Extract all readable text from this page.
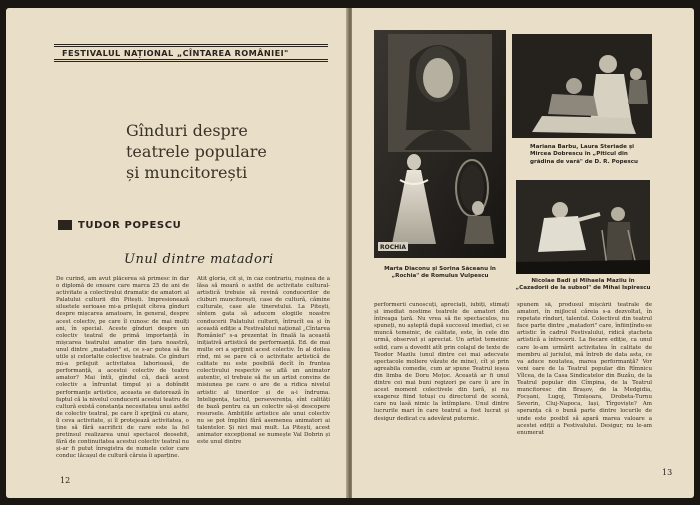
FESTIVALUL NAȚIONAL „CÎNTAREA ROMÂNIEI"
Gînduri despre
teatrele populare
și muncitorești
TUDOR POPESCU
Unul dintre matadori
De curînd, am avut plăcerea să primesc în dar o diplomă de onoare care marca 25 de ani de activitate a colectivului dramatic de amatori al Palatului culturii din Pitești. Impresionează siluetele serioase mi-a prilejuit cîteva gînduri despre mișcarea amatoare, în general, despre acest colectiv, pe care îl cunosc de mai mulți ani, în special. Aceste gînduri despre un colectiv teatral de primă importanță în mișcarea teatrului amator din țara noastră, unul dintre „matadori" ei, ce s-ar putea să fie utile și celorlalte colective teatrale. Ce gînduri mi-a prilejuit activitatea laborioasă, de performanță, a acestui colectiv de teatru amator? Mai întîi, gîndul că, dacă acest colectiv a înfruntat timpul și a dobîndit performanțe artistice, aceasta se datorează în faptul că la nivelul conducerii acestui teatru de cultură există constanța necesitatea unui astfel de colectiv teatral, pe care îl sprijină cu atare, îl ceva activitate, și îl protejează activitatea, o ține să fără sacrificii de care este la fel pretinsul realizarea unui spectacol deosebit, fără de continuitatea acestui colectiv teatral nu și-ar fi putut înregistra de numele celor care conduc lăcașul de cultură căruia îi aparține.
Atît gloria, cît și, în caz contrariu, rușinea de a lăsa să moară o astfel de activitate cultural-artistică trebuie să revină conducerilor de cluburi muncitorești, case de cultură, cămine culturale, case ale tineretului. La Pitești, sîntem gata să aducem elogiile noastre conducerii Palatului culturii, întrucît ea și în această ediție a Festivalului național „Cîntarea României" s-a prezentat în finală la această inițiativă artistică de performanță. Ed. de mai multe ori a sprijinit acest colectiv. În al doilea rînd, mi se pare că o activitate artistică de calitate nu este posibilă decît în fruntea colectivului respectiv se află un animator autentic, el trebuie să fie un artist convins de misiunea pe care o are de a ridica nivelul artistic al tinerilor și de a-i îndruma. Inteligența, tactul, perseverența, sînt calități de bază pentru ca un colectiv să-și descopere resursele. Ambițiile artistice ale unui colectiv nu se pot împlini fără asemenea animatori ai talentelor. Și nici mai mult. La Pitești, acest animator excepțional se numește Val Dobrin și este unul dintre
12
ROCHIA
Mariana Barbu, Laura Steriade și Mircea Dobrescu în „Piticul din grădina de vară" de D. R. Popescu
Marta Diaconu și Sorina Săceanu în „Rochia" de Romulus Vulpescu
Nicolae Badi și Mihaela Maziiu în „Cazadorii de la subsol" de Mihai Ispirescu
performerii cunoscuți, apreciați, iubiți, stimați și imediat nostime teatrele de amatori din întreaga țară. Nu vrea să fie spectaculos, nu spuneți, nu așteptă după succesul imediat, ci se muncă temeinic, de calitate, este, în cele din urmă, observat și apreciat. Un artist temeinic solid, care a dovedit atît prin colajul de texte de Teodor Mazilu (unul dintre cei mai adecvate spectacole moliere văzute de mine), cît și prin agreabila comedie, cum ar spune Teatrul ieșea din limba de Doru Moțoc. Această ar fi unul dintre cei mai buni regizori pe care îi are în acest moment colectivele din țară, și nu exagerez fiind totuși cu directorul de scenă, care nu lasă nimic la întîmplare. Unul dintre lucrurile mari în care teatrul a fost lucrat și desigur dedicat cu adevărat puternic.
spunem să, produsul mișcării teatrale de amatori, în mijlocul căreia s-a dezvoltat, în repetate rînduri, talentul. Colectivul din teatrul face parte dintre „matadori" care, înființîndu-se artistic în cadrul Festivalului, ridică ștacheta artistică a întrecerii. La fiecare ediție, ca unul care le-am urmărit activitatea în calitate de membru al juriului, mă întreb de data asta, ce va aduce noutatea, marea performanță? Vor veni oare de la Teatrul popular din Rîmnicu Vîlcea, de la Casa Sindicatelor din Buzău, de la Teatrul popular din Cîmpina, de la Teatrul muncitoresc din Brașov, de la Medgidia, Focșani, Lugoj, Timișoara, Drobeta-Turnu Severin, Cluj-Napoca, Iași, Tîrgoviște? Am speranța că o bună parte dintre locurile de unde este posibil să apară marea valoare a acestei ediții a Festivalului. Desigur, nu le-am enumerat
13
